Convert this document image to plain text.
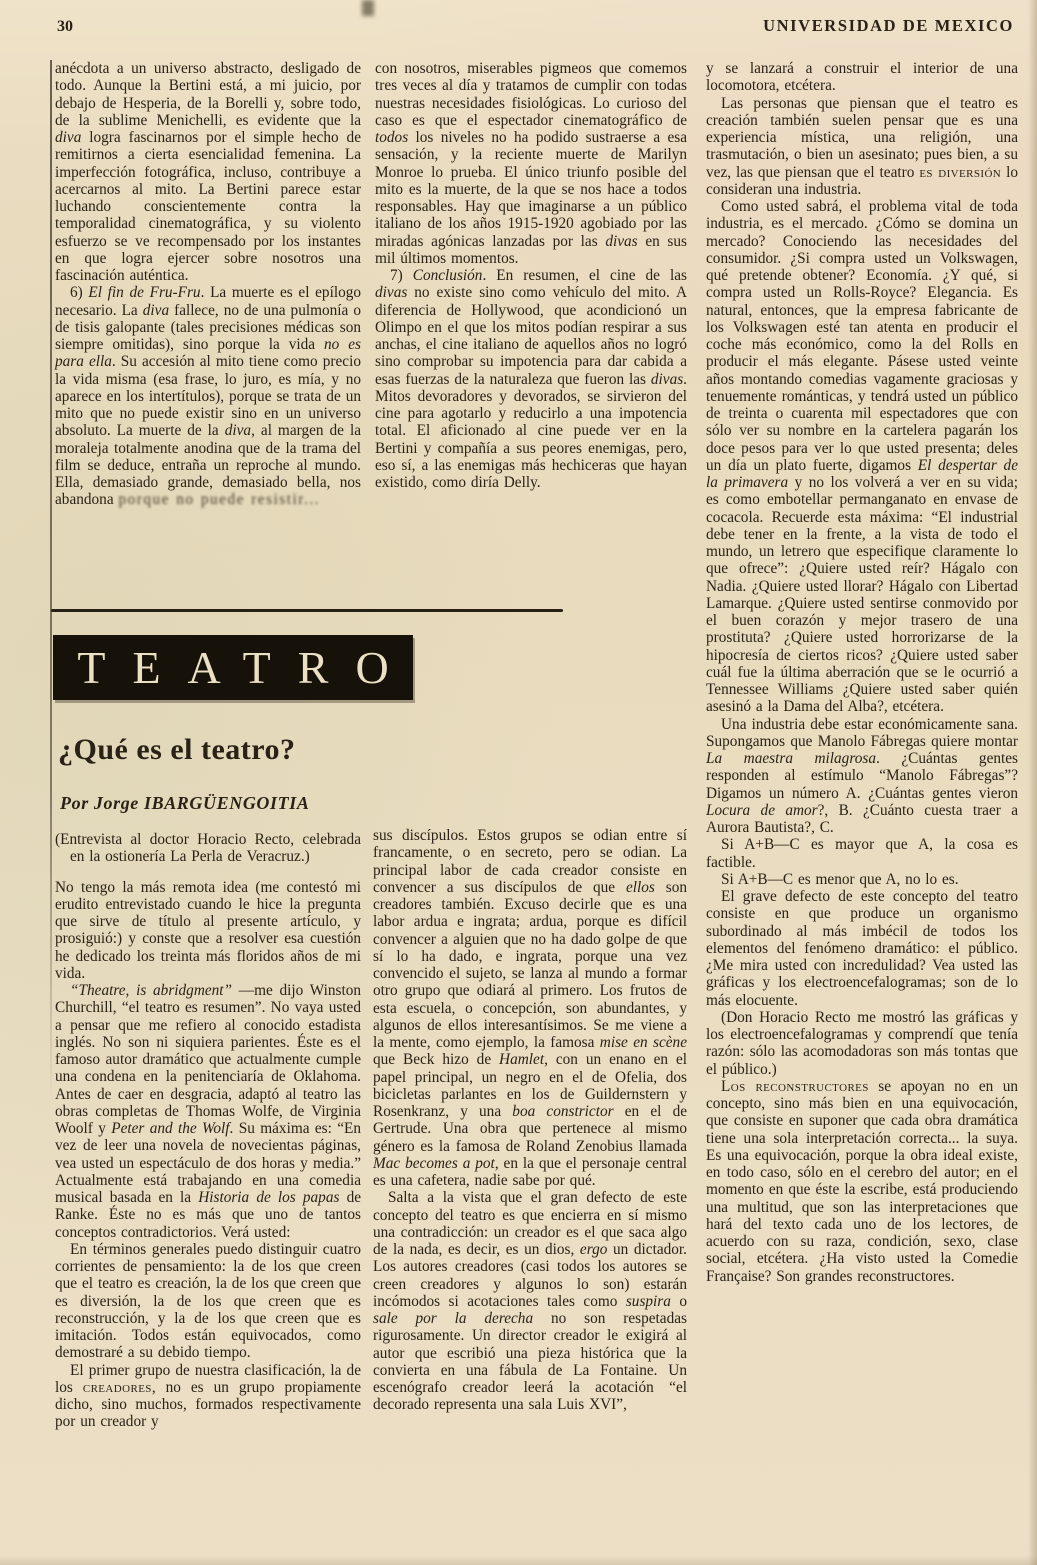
30	UNIVERSIDAD DE MEXICO

anécdota a un universo abstracto, desligado de todo. Aunque la Bertini está, a mi juicio, por debajo de Hesperia, de la Borelli y, sobre todo, de la sublime Menichelli, es evidente que la diva logra fascinarnos por el simple hecho de remitirnos a cierta esencialidad femenina. La imperfección fotográfica, incluso, contribuye a acercarnos al mito. La Bertini parece estar luchando conscientemente contra la temporalidad cinematográfica, y su violento esfuerzo se ve recompensado por los instantes en que logra ejercer sobre nosotros una fascinación auténtica.

6) El fin de Fru-Fru. La muerte es el epílogo necesario. La diva fallece, no de una pulmonía o de tisis galopante (tales precisiones médicas son siempre omitidas), sino porque la vida no es para ella. Su accesión al mito tiene como precio la vida misma (esa frase, lo juro, es mía, y no aparece en los intertítulos), porque se trata de un mito que no puede existir sino en un universo absoluto. La muerte de la diva, al margen de la moraleja totalmente anodina que de la trama del film se deduce, entraña un reproche al mundo. Ella, demasiado grande, demasiado bella, nos abandona porque no puede resistir...

con nosotros, miserables pigmeos que comemos tres veces al día y tratamos de cumplir con todas nuestras necesidades fisiológicas. Lo curioso del caso es que el espectador cinematográfico de todos los niveles no ha podido sustraerse a esa sensación, y la reciente muerte de Marilyn Monroe lo prueba. El único triunfo posible del mito es la muerte, de la que se nos hace a todos responsables. Hay que imaginarse a un público italiano de los años 1915-1920 agobiado por las miradas agónicas lanzadas por las divas en sus mil últimos momentos.

7) Conclusión. En resumen, el cine de las divas no existe sino como vehículo del mito. A diferencia de Hollywood, que acondicionó un Olimpo en el que los mitos podían respirar a sus anchas, el cine italiano de aquellos años no logró sino comprobar su impotencia para dar cabida a esas fuerzas de la naturaleza que fueron las divas. Mitos devoradores y devorados, se sirvieron del cine para agotarlo y reducirlo a una impotencia total. El aficionado al cine puede ver en la Bertini y compañía a sus peores enemigas, pero, eso sí, a las enemigas más hechiceras que hayan existido, como diría Delly.

TEATRO
¿Qué es el teatro?
Por Jorge IBARGÜENGOITIA

(Entrevista al doctor Horacio Recto, celebrada en la ostionería La Perla de Veracruz.)

No tengo la más remota idea (me contestó mi erudito entrevistado cuando le hice la pregunta que sirve de título al presente artículo, y prosiguió:) y conste que a resolver esa cuestión he dedicado los treinta más floridos años de mi vida.

“Theatre, is abridgment” —me dijo Winston Churchill, “el teatro es resumen”. No vaya usted a pensar que me refiero al conocido estadista inglés. No son ni siquiera parientes. Éste es el famoso autor dramático que actualmente cumple una condena en la penitenciaría de Oklahoma. Antes de caer en desgracia, adaptó al teatro las obras completas de Thomas Wolfe, de Virginia Woolf y Peter and the Wolf. Su máxima es: “En vez de leer una novela de novecientas páginas, vea usted un espectáculo de dos horas y media.” Actualmente está trabajando en una comedia musical basada en la Historia de los papas de Ranke. Éste no es más que uno de tantos conceptos contradictorios. Verá usted:

En términos generales puedo distinguir cuatro corrientes de pensamiento: la de los que creen que el teatro es creación, la de los que creen que es diversión, la de los que creen que es reconstrucción, y la de los que creen que es imitación. Todos están equivocados, como demostraré a su debido tiempo.

El primer grupo de nuestra clasificación, la de los creadores, no es un grupo propiamente dicho, sino muchos, formados respectivamente por un creador y

sus discípulos. Estos grupos se odian entre sí francamente, o en secreto, pero se odian. La principal labor de cada creador consiste en convencer a sus discípulos de que ellos son creadores también. Excuso decirle que es una labor ardua e ingrata; ardua, porque es difícil convencer a alguien que no ha dado golpe de que sí lo ha dado, e ingrata, porque una vez convencido el sujeto, se lanza al mundo a formar otro grupo que odiará al primero. Los frutos de esta escuela, o concepción, son abundantes, y algunos de ellos interesantísimos. Se me viene a la mente, como ejemplo, la famosa mise en scène que Beck hizo de Hamlet, con un enano en el papel principal, un negro en el de Ofelia, dos bicicletas parlantes en los de Guildernstern y Rosenkranz, y una boa constrictor en el de Gertrude. Una obra que pertenece al mismo género es la famosa de Roland Zenobius llamada Mac becomes a pot, en la que el personaje central es una cafetera, nadie sabe por qué.

Salta a la vista que el gran defecto de este concepto del teatro es que encierra en sí mismo una contradicción: un creador es el que saca algo de la nada, es decir, es un dios, ergo un dictador. Los autores creadores (casi todos los autores se creen creadores y algunos lo son) estarán incómodos si acotaciones tales como suspira o sale por la derecha no son respetadas rigurosamente. Un director creador le exigirá al autor que escribió una pieza histórica que la convierta en una fábula de La Fontaine. Un escenógrafo creador leerá la acotación “el decorado representa una sala Luis XVI”,

y se lanzará a construir el interior de una locomotora, etcétera.

Las personas que piensan que el teatro es creación también suelen pensar que es una experiencia mística, una religión, una trasmutación, o bien un asesinato; pues bien, a su vez, las que piensan que el teatro es diversión lo consideran una industria.

Como usted sabrá, el problema vital de toda industria, es el mercado. ¿Cómo se domina un mercado? Conociendo las necesidades del consumidor. ¿Si compra usted un Volkswagen, qué pretende obtener? Economía. ¿Y qué, si compra usted un Rolls-Royce? Elegancia. Es natural, entonces, que la empresa fabricante de los Volkswagen esté tan atenta en producir el coche más económico, como la del Rolls en producir el más elegante. Pásese usted veinte años montando comedias vagamente graciosas y tenuemente románticas, y tendrá usted un público de treinta o cuarenta mil espectadores que con sólo ver su nombre en la cartelera pagarán los doce pesos para ver lo que usted presenta; deles un día un plato fuerte, digamos El despertar de la primavera y no los volverá a ver en su vida; es como embotellar permanganato en envase de cocacola. Recuerde esta máxima: “El industrial debe tener en la frente, a la vista de todo el mundo, un letrero que especifique claramente lo que ofrece”: ¿Quiere usted reír? Hágalo con Nadia. ¿Quiere usted llorar? Hágalo con Libertad Lamarque. ¿Quiere usted sentirse conmovido por el buen corazón y mejor trasero de una prostituta? ¿Quiere usted horrorizarse de la hipocresía de ciertos ricos? ¿Quiere usted saber cuál fue la última aberración que se le ocurrió a Tennessee Williams ¿Quiere usted saber quién asesinó a la Dama del Alba?, etcétera.

Una industria debe estar económicamente sana. Supongamos que Manolo Fábregas quiere montar La maestra milagrosa. ¿Cuántas gentes responden al estímulo “Manolo Fábregas”? Digamos un número A. ¿Cuántas gentes vieron Locura de amor?, B. ¿Cuánto cuesta traer a Aurora Bautista?, C.

Si A+B—C es mayor que A, la cosa es factible.

Si A+B—C es menor que A, no lo es.

El grave defecto de este concepto del teatro consiste en que produce un organismo subordinado al más imbécil de todos los elementos del fenómeno dramático: el público. ¿Me mira usted con incredulidad? Vea usted las gráficas y los electroencefalogramas; son de lo más elocuente.

(Don Horacio Recto me mostró las gráficas y los electroencefalogramas y comprendí que tenía razón: sólo las acomodadoras son más tontas que el público.)

Los reconstructores se apoyan no en un concepto, sino más bien en una equivocación, que consiste en suponer que cada obra dramática tiene una sola interpretación correcta... la suya. Es una equivocación, porque la obra ideal existe, en todo caso, sólo en el cerebro del autor; en el momento en que éste la escribe, está produciendo una multitud, que son las interpretaciones que hará del texto cada uno de los lectores, de acuerdo con su raza, condición, sexo, clase social, etcétera. ¿Ha visto usted la Comedie Française? Son grandes reconstructores.
